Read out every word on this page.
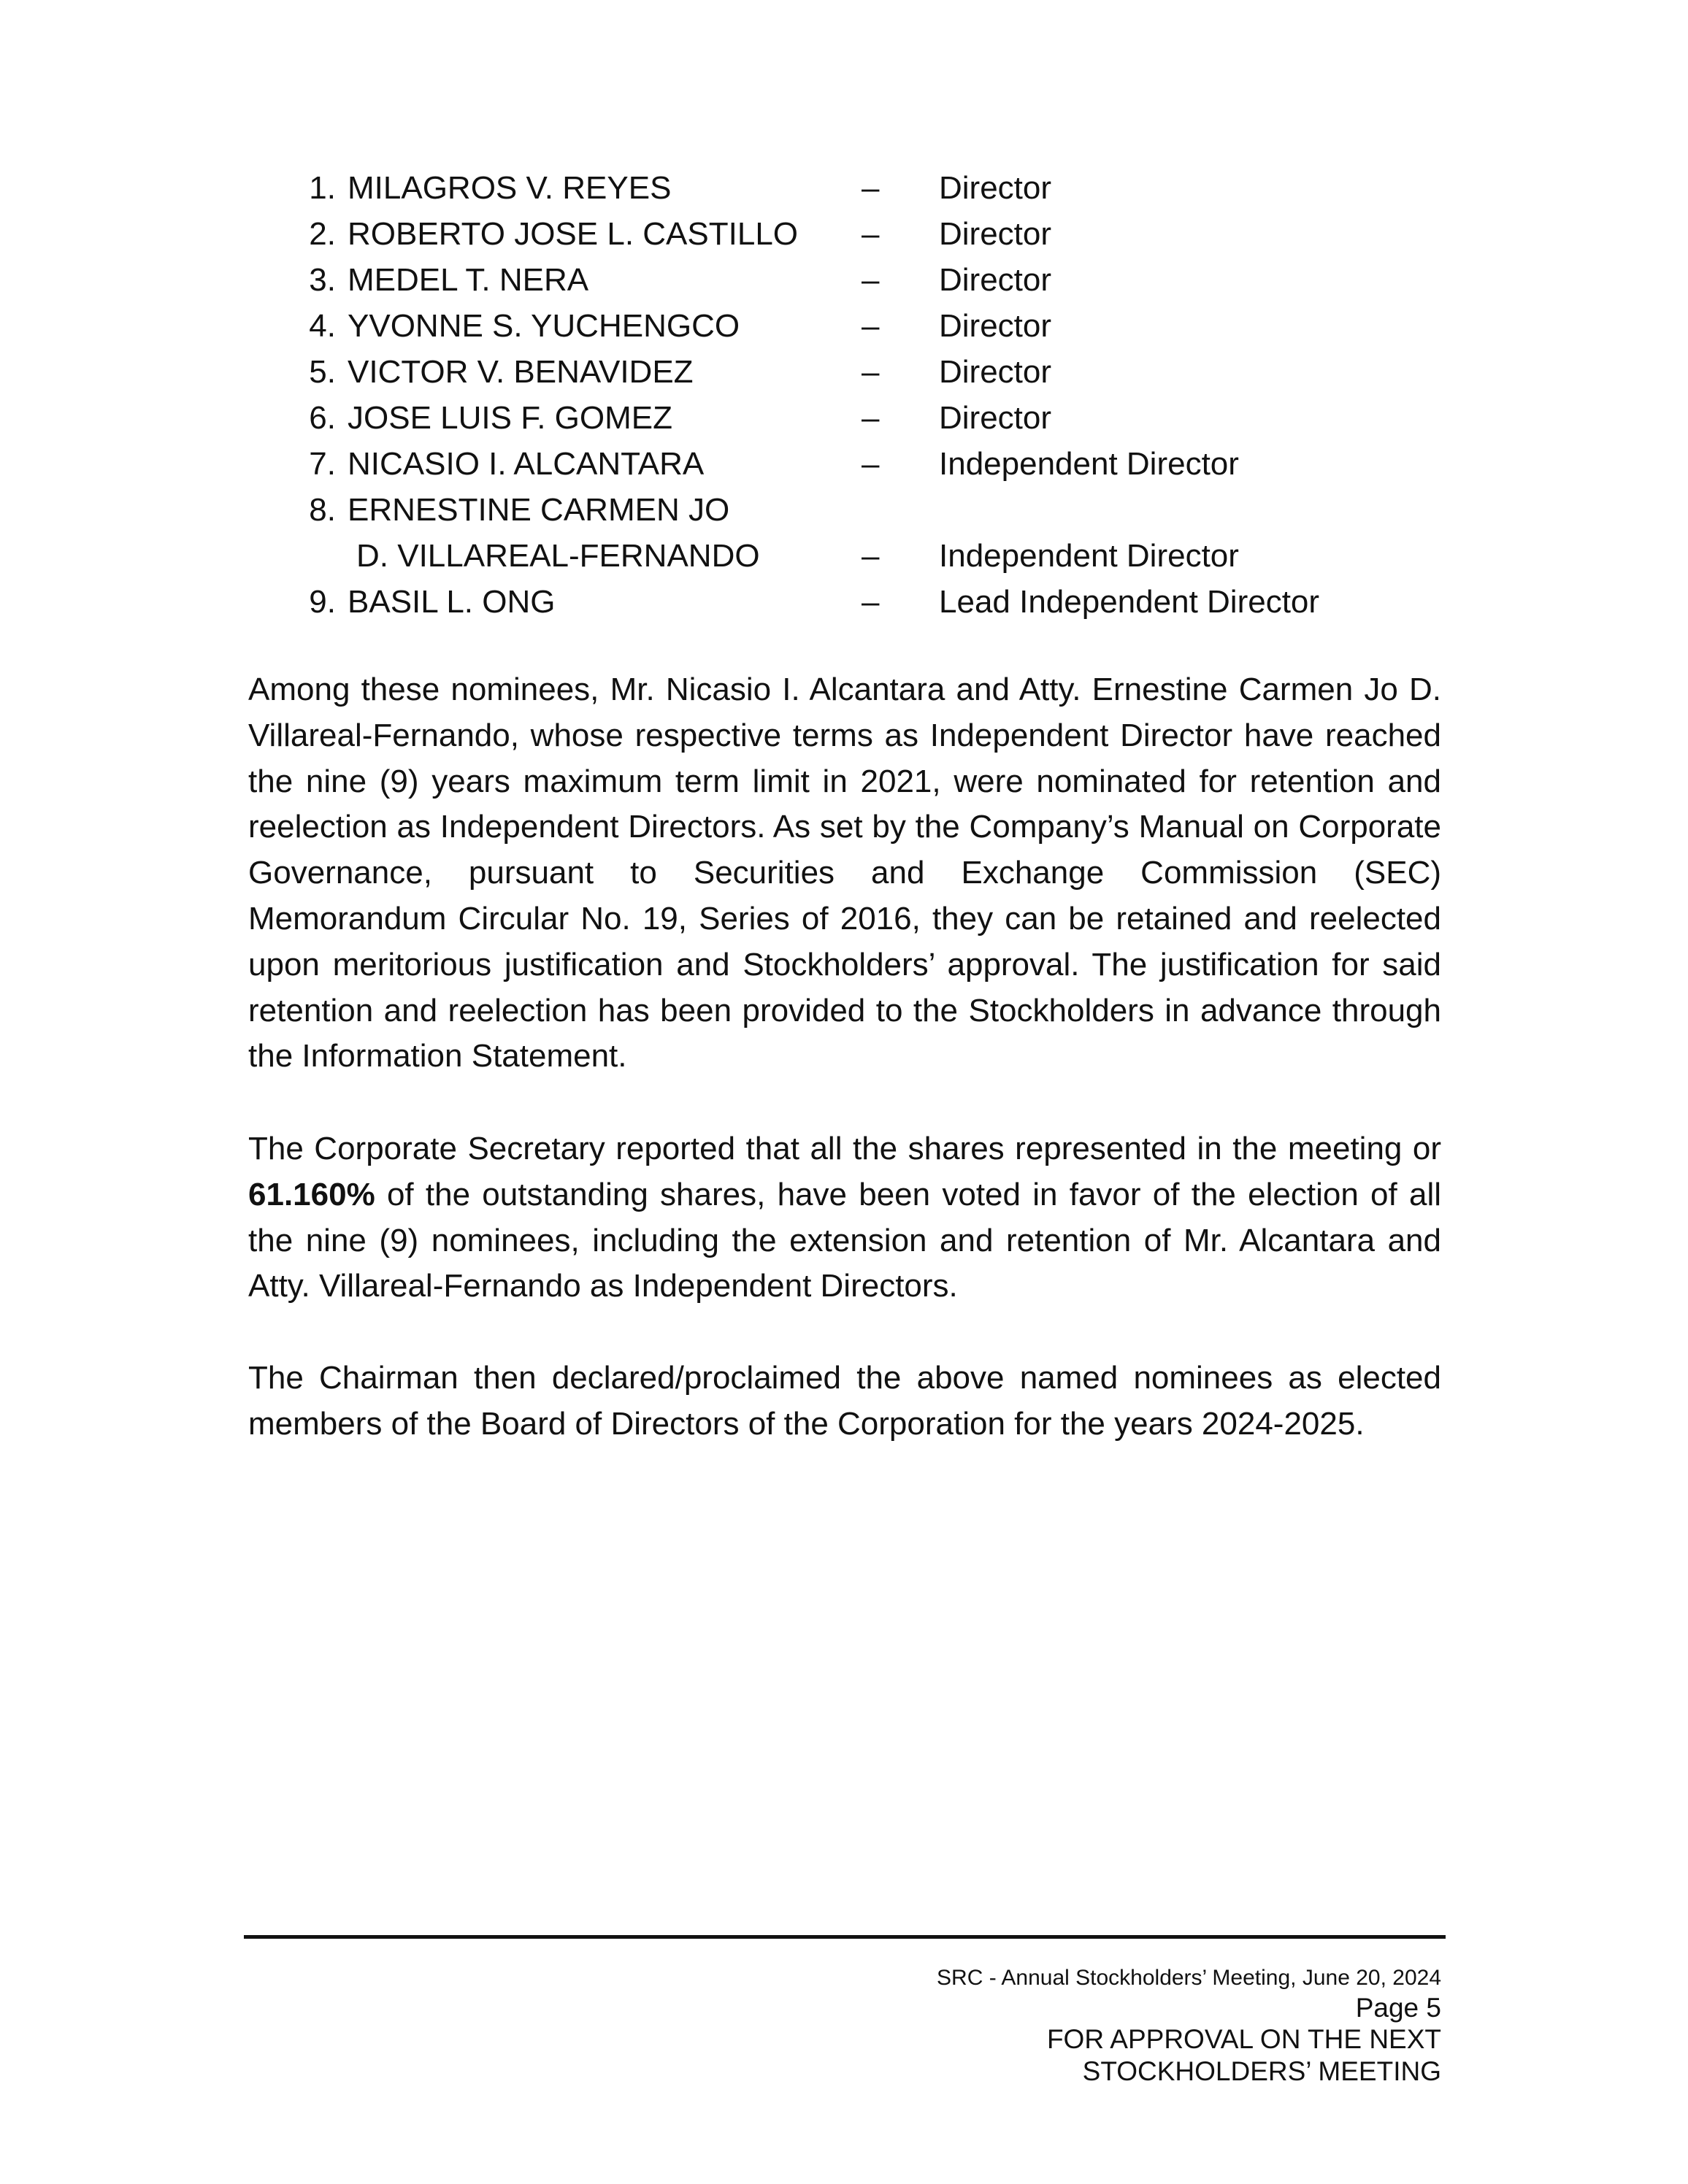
1. MILAGROS V. REYES	– Director
2. ROBERTO JOSE L. CASTILLO – Director
3. MEDEL T. NERA	– Director
4. YVONNE S. YUCHENGCO	– Director
5. VICTOR V. BENAVIDEZ	– Director
6. JOSE LUIS F. GOMEZ	– Director
7. NICASIO I. ALCANTARA	– Independent Director
8. ERNESTINE CARMEN JO
D. VILLAREAL-FERNANDO	– Independent Director
9. BASIL L. ONG	– Lead Independent Director

Among these nominees, Mr. Nicasio I. Alcantara and Atty. Ernestine Carmen Jo D. Villareal-Fernando, whose respective terms as Independent Director have reached the nine (9) years maximum term limit in 2021, were nominated for retention and reelection as Independent Directors. As set by the Company’s Manual on Corporate Governance, pursuant to Securities and Exchange Commission (SEC) Memorandum Circular No. 19, Series of 2016, they can be retained and reelected upon meritorious justification and Stockholders’ approval. The justification for said retention and reelection has been provided to the Stockholders in advance through the Information Statement.

The Corporate Secretary reported that all the shares represented in the meeting or 61.160% of the outstanding shares, have been voted in favor of the election of all the nine (9) nominees, including the extension and retention of Mr. Alcantara and Atty. Villareal-Fernando as Independent Directors.

The Chairman then declared/proclaimed the above named nominees as elected members of the Board of Directors of the Corporation for the years 2024-2025.

SRC - Annual Stockholders’ Meeting, June 20, 2024
Page 5
FOR APPROVAL ON THE NEXT
STOCKHOLDERS’ MEETING
